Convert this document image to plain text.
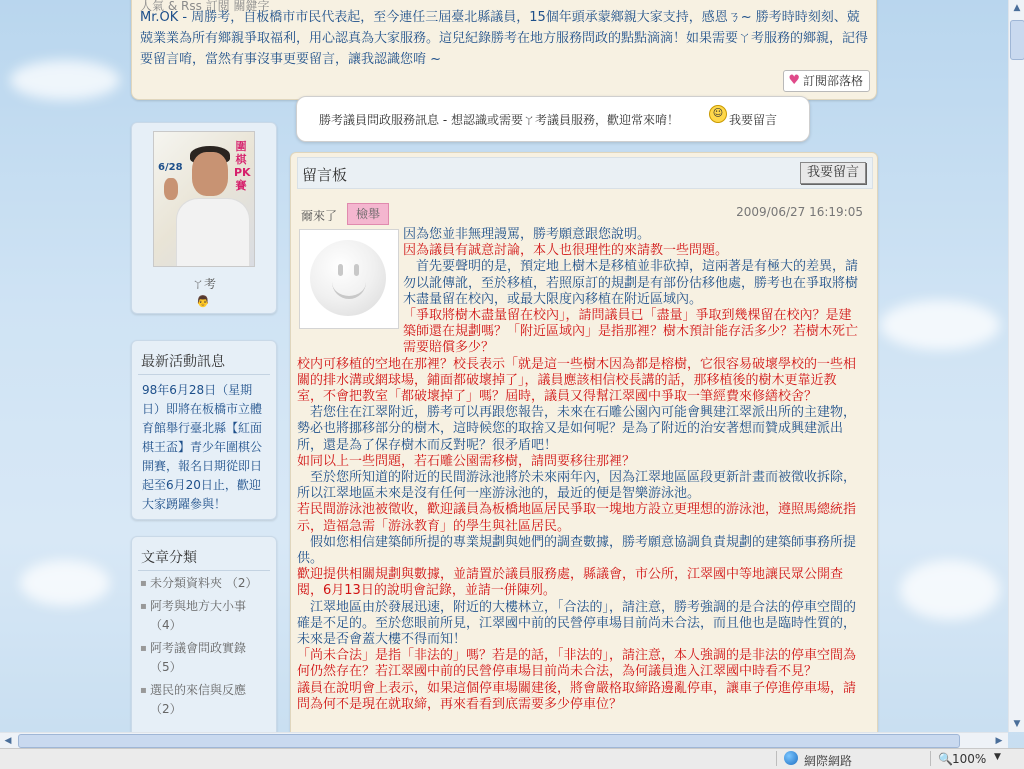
人氣 & Rss 訂閱 關鍵字

Mr.OK - 周勝考，自板橋市市民代表起，至今連任三屆臺北縣議員，15個年頭承蒙鄉親大家支持，感恩ㄋ~ 勝考時時刻刻、兢兢業業為所有鄉親爭取福利，用心認真為大家服務。這兒紀錄勝考在地方服務問政的點點滴滴！如果需要ㄚ考服務的鄉親，記得要留言唷，當然有事沒事更要留言，讓我認識您唷 ~

♥ 訂閱部落格
勝考議員問政服務訊息 - 想認識或需要ㄚ考議員服務，歡迎常來唷！	☺ 我要留言
6/28
圍棋PK賽
ㄚ考
👨
最新活動訊息

98年6月28日（星期日）即將在板橋市立體育館舉行臺北縣【紅面棋王盃】青少年圍棋公開賽，報名日期從即日起至6月20日止，歡迎大家踴躍參與！

文章分類
▪ 未分類資料夾 （2）
▪ 阿考與地方大小事 （4）
▪ 阿考議會問政實錄 （5）
▪ 選民的來信與反應 （2）
留言板	我要留言
爾來了	檢舉	2009/06/27 16:19:05

因為您並非無理謾罵，勝考願意跟您說明。

因為議員有誠意討論，本人也很理性的來請教一些問題。

首先要聲明的是，預定地上樹木是移植並非砍掉，這兩著是有極大的差異，請勿以訛傳訛，至於移植，若照原訂的規劃是有部份估移他處，勝考也在爭取將樹木盡量留在校內，或最大限度內移植在附近區域內。

「爭取將樹木盡量留在校內」，請問議員已「盡量」爭取到幾棵留在校內？是建築師還在規劃嗎？「附近區域內」是指那裡？樹木預計能存活多少？若樹木死亡需要賠償多少？

校内可移植的空地在那裡？校長表示「就是這一些樹木因為都是榕樹，它很容易破壞學校的一些相關的排水溝或網球場，鋪面都破壞掉了」，議員應該相信校長講的話，那移植後的樹木更靠近教室，不會把教室「都破壞掉了」嗎？屆時，議員又得幫江翠國中爭取一筆經費來修繕校舍？

若您住在江翠附近，勝考可以再跟您報告，未來在石雕公園內可能會興建江翠派出所的主建物，勢必也將挪移部分的樹木，這時候您的取捨又是如何呢？是為了附近的治安著想而贊成興建派出所，還是為了保存樹木而反對呢？很矛盾吧！

如同以上一些問題，若石雕公園需移樹，請問要移往那裡？

至於您所知道的附近的民間游泳池將於未來兩年內，因為江翠地區區段更新計畫而被徵收拆除，所以江翠地區未來是沒有任何一座游泳池的，最近的便是智樂游泳池。

若民間游泳池被徵收，歡迎議員為板橋地區居民爭取一塊地方設立更理想的游泳池，遵照馬總統指示，造福急需「游泳教育」的學生與社區居民。

假如您相信建築師所提的專業規劃與她們的調查數據，勝考願意協調負責規劃的建築師事務所提供。

歡迎提供相關規劃與數據，並請置於議員服務處，縣議會，市公所，江翠國中等地讓民眾公開查閱，6月13日的說明會記錄，並請一併陳列。

江翠地區由於發展迅速，附近的大樓林立，「合法的」，請注意，勝考強調的是合法的停車空間的確是不足的。至於您眼前所見，江翠國中前的民營停車場目前尚未合法，而且他也是臨時性質的，未來是否會蓋大樓不得而知！

「尚未合法」是指「非法的」嗎？若是的話，「非法的」，請注意，本人強調的是非法的停車空間為何仍然存在？若江翠國中前的民營停車場目前尚未合法，為何議員進入江翠國中時看不見？

議員在說明會上表示，如果這個停車場關建後，將會嚴格取締路邊亂停車，讓車子停進停車場，請問為何不是現在就取締，再來看看到底需要多少停車位？

▲
▼
◀	▶
網際網路	🔍 100% ▼
